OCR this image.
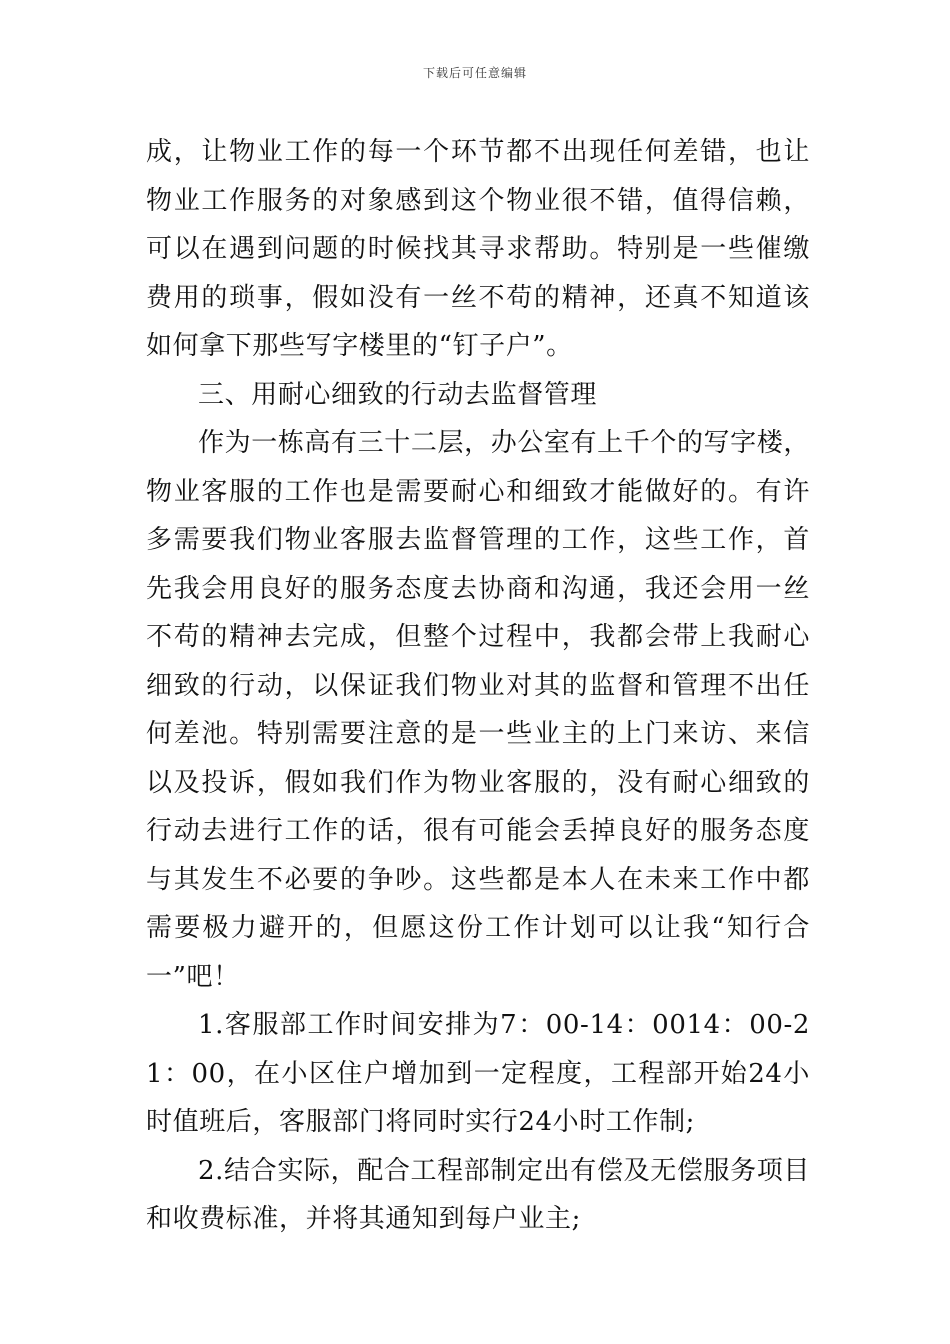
下载后可任意编辑

成，让物业工作的每一个环节都不出现任何差错，也让物业工作服务的对象感到这个物业很不错，值得信赖，可以在遇到问题的时候找其寻求帮助。特别是一些催缴费用的琐事，假如没有一丝不苟的精神，还真不知道该如何拿下那些写字楼里的“钉子户”。

三、用耐心细致的行动去监督管理

作为一栋高有三十二层，办公室有上千个的写字楼，物业客服的工作也是需要耐心和细致才能做好的。有许多需要我们物业客服去监督管理的工作，这些工作，首先我会用良好的服务态度去协商和沟通，我还会用一丝不苟的精神去完成，但整个过程中，我都会带上我耐心细致的行动，以保证我们物业对其的监督和管理不出任何差池。特别需要注意的是一些业主的上门来访、来信以及投诉，假如我们作为物业客服的，没有耐心细致的行动去进行工作的话，很有可能会丢掉良好的服务态度与其发生不必要的争吵。这些都是本人在未来工作中都需要极力避开的，但愿这份工作计划可以让我“知行合一”吧！

1.客服部工作时间安排为7：00-14：0014：00-21：00，在小区住户增加到一定程度，工程部开始24小时值班后，客服部门将同时实行24小时工作制;

2.结合实际，配合工程部制定出有偿及无偿服务项目和收费标准，并将其通知到每户业主;
